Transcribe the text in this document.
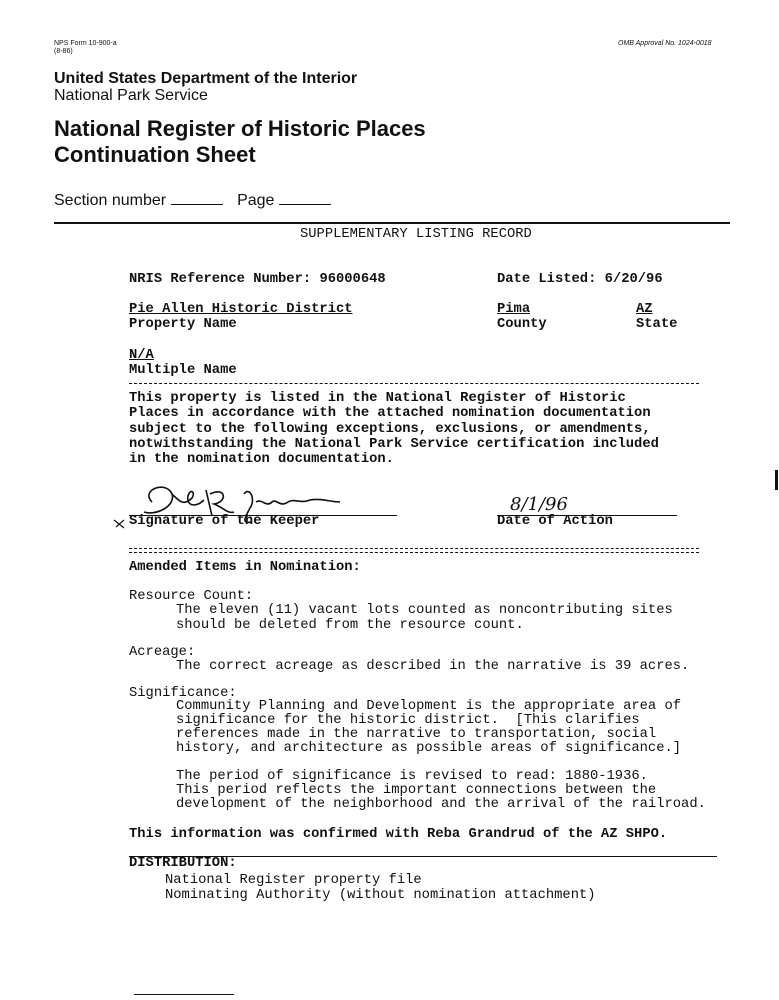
NPS Form 10-900-a
(8-86)
OMB Approval No. 1024-0018
United States Department of the Interior
National Park Service
National Register of Historic Places
Continuation Sheet
Section number	Page
SUPPLEMENTARY LISTING RECORD
NRIS Reference Number: 96000648	Date Listed: 6/20/96
Pie Allen Historic District
Property Name
Pima
County
AZ
State
N/A
Multiple Name
This property is listed in the National Register of Historic
Places in accordance with the attached nomination documentation
subject to the following exceptions, exclusions, or amendments,
notwithstanding the National Park Service certification included
in the nomination documentation.
Signature of the Keeper
8/1/96
Date of Action
Amended Items in Nomination:
Resource Count:
The eleven (11) vacant lots counted as noncontributing sites
should be deleted from the resource count.
Acreage:
The correct acreage as described in the narrative is 39 acres.
Significance:
Community Planning and Development is the appropriate area of
significance for the historic district.  [This clarifies
references made in the narrative to transportation, social
history, and architecture as possible areas of significance.]
The period of significance is revised to read: 1880-1936.
This period reflects the important connections between the
development of the neighborhood and the arrival of the railroad.
This information was confirmed with Reba Grandrud of the AZ SHPO.
DISTRIBUTION:
National Register property file
Nominating Authority (without nomination attachment)
